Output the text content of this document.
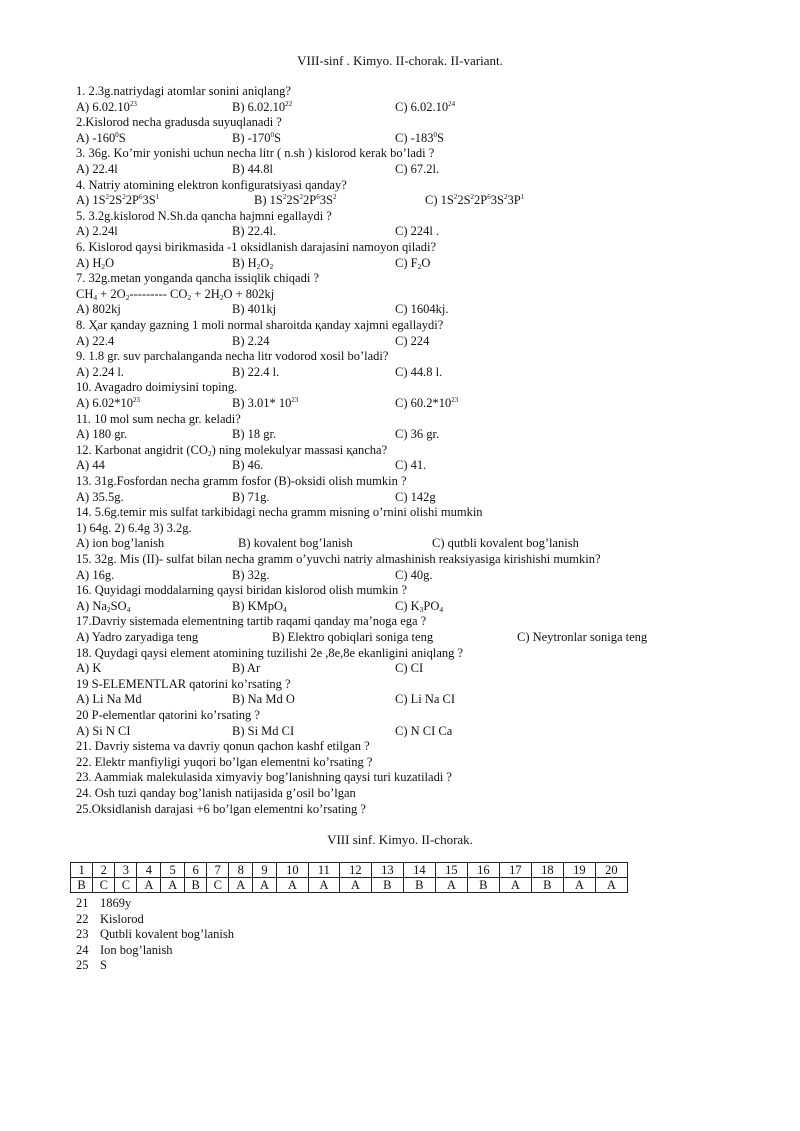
VIII-sinf . Kimyo. II-chorak. II-variant.
1. 2.3g.natriydagi atomlar sonini aniqlang?
A) 6.02.10$^{23}$	B) 6.02.10$^{22}$	C) 6.02.10$^{24}$
2.Kislorod necha gradusda suyuqlanadi ?
A) $-160^0S$	B) $-170^0S$	C) $-183^0S$
3. 36g. Ko’mir yonishi uchun necha litr ( n.sh ) kislorod kerak bo’ladi ?
A) 22.4l	B) 44.8l	C) 67.2l.
4. Natriy atomining elektron konfiguratsiyasi qanday?
A) $1S^22S^22P^63S^1$	B) $1S^22S^22P^63S^2$	C) $1S^22S^22P^63S^23P^1$
5. 3.2g.kislorod N.Sh.da qancha hajmni egallaydi ?
A) 2.24l	B) 22.4l.	C) 224l .
6. Kislorod qaysi birikmasida -1 oksidlanish darajasini namoyon qiladi?
A) $H_2O$	B) $H_2O_2$	C) $F_2O$
7. 32g.metan yonganda qancha issiqlik chiqadi ?
$CH_4 + 2O_2---------$ $CO_2 + 2H_2O + 802kj$
A) 802kj	B) 401kj	C) 1604kj.
8. Ҳar қanday gazning 1 moli normal sharoitda қanday xajmni egallaydi?
A) 22.4	B) 2.24	C) 224
9. 1.8 gr. suv parchalanganda necha litr vodorod xosil bo’ladi?
A) 2.24 l.	B) 22.4 l.	C) 44.8 l.
10. Avagadro doimiysini toping.
A) $6.02*10^{23}$	B) 3.01* $10^{23}$	C) $60.2*10^{23}$
11. 10 mol sum necha gr. keladi?
A) 180 gr.	B) 18 gr.	C) 36 gr.
12. Karbonat angidrit $(CO_2)$ ning molekulyar massasi қancha?
A) 44	B) 46.	C) 41.
13. 31g.Fosfordan necha gramm fosfor (B)-oksidi olish mumkin ?
A) 35.5g.	B) 71g.	C) 142g
14. 5.6g.temir mis sulfat tarkibidagi necha gramm misning o’rnini olishi mumkin
1) 64g. 2) 6.4g 3) 3.2g.
A) ion bog’lanish	B) kovalent bog’lanish	C) qutbli kovalent bog’lanish
15. 32g. Mis (II)- sulfat bilan necha gramm o’yuvchi natriy almashinish reaksiyasiga kirishishi mumkin?
A) 16g.	B) 32g.	C) 40g.
16. Quyidagi moddalarning qaysi biridan kislorod olish mumkin ?
A) $Na_2SO_4$	B) KMpO$_4$	C) $K_3PO_4$
17.Davriy sistemada elementning tartib raqami qanday ma’noga ega ?
A) Yadro zaryadiga teng	B) Elektro qobiqlari soniga teng	C) Neytronlar soniga teng
18. Quydagi qaysi element atomining tuzilishi 2e ,8e,8e ekanligini aniqlang ?
A) K	B) Ar	C) CI
19 S-ELEMENTLAR qatorini ko’rsating ?
A) Li Na Md	B) Na Md O	C) Li Na CI
20 P-elementlar qatorini ko’rsating ?
A) Si N CI	B) Si Md CI	C) N CI Ca
21. Davriy sistema va davriy qonun qachon kashf etilgan ?
22. Elektr manfiyligi yuqori bo’lgan elementni ko’rsating ?
23. Aammiak malekulasida ximyaviy bog’lanishning qaysi turi kuzatiladi ?
24. Osh tuzi qanday bog’lanish natijasida g’osil bo’lgan
25.Oksidlanish darajasi +6 bo’lgan elementni ko’rsating ?
VIII sinf. Kimyo. II-chorak.
1	2	3	4	5	6	7	8	9	10	11	12	13	14	15	16	17	18	19	20
B	C	C	A	A	B	C	A	A	A	A	A	B	B	A	B	A	B	A	A
21 1869y
22 Kislorod
23 Qutbli kovalent bog’lanish
24 Ion bog’lanish
25 S
